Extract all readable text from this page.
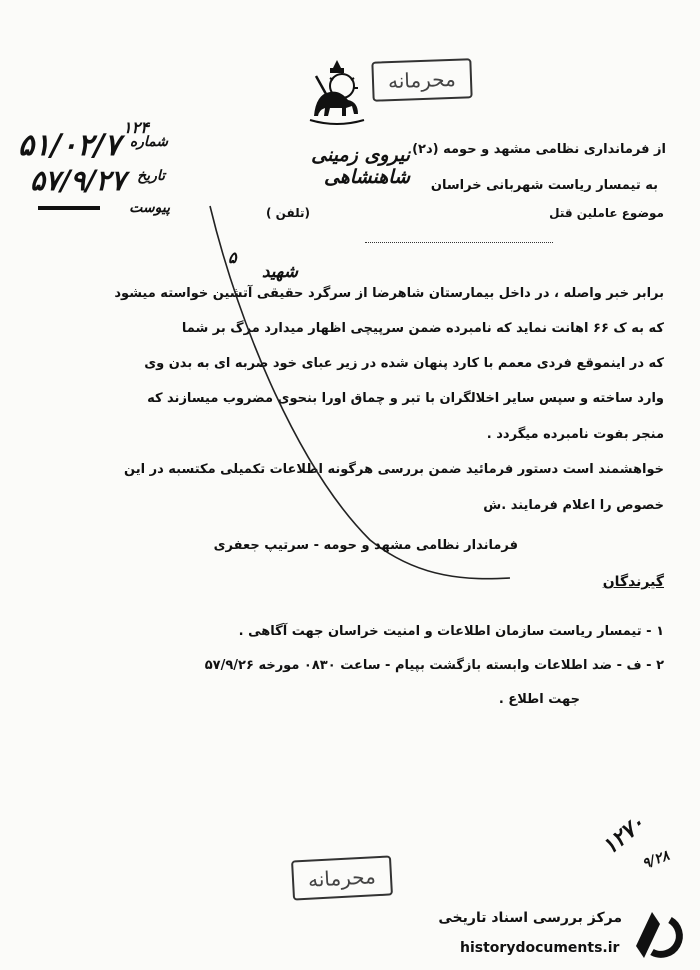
محرمانه
۵۱/۰۲/۷
۱۲۴
شماره
۵۷/۹/۲۷ تاریخ
پیوست
از فرمانداری نظامی مشهد و حومه (د۲)
نیروی زمینی شاهنشاهی	به تیمسار ریاست شهربانی خراسان
موضوع عاملین قتل
(تلفن )
۵
شهید
برابر خبر واصله ، در داخل بیمارستان شاهرضا از سرگرد حقیقی آتشین خواسته میشود
که به ک ۶۶ اهانت نماید که نامبرده ضمن سرپیچی اظهار میدارد مرگ بر شما
که در اینموقع فردی معمم با کارد پنهان شده در زیر عبای خود ضربه ای به بدن وی
وارد ساخته و سپس سایر اخلالگران با تبر و چماق اورا بنحوی مضروب میسازند که
منجر بفوت نامبرده میگردد .
خواهشمند است دستور فرمائید ضمن بررسی هرگونه اطلاعات تکمیلی مکتسبه در این
خصوص را اعلام فرمایند .ش
فرماندار نظامی مشهد و حومه - سرتیپ جعفری
گیرندگان
۱ - تیمسار ریاست سازمان اطلاعات و امنیت خراسان جهت آگاهی .
۲ - ف - ضد اطلاعات وابسته بازگشت بپیام - ساعت ۰۸۳۰ مورخه ۵۷/۹/۲۶
جهت اطلاع .
۱۲۷۰
۹/۲۸
محرمانه
مرکز بررسی اسناد تاریخی
historydocuments.ir
